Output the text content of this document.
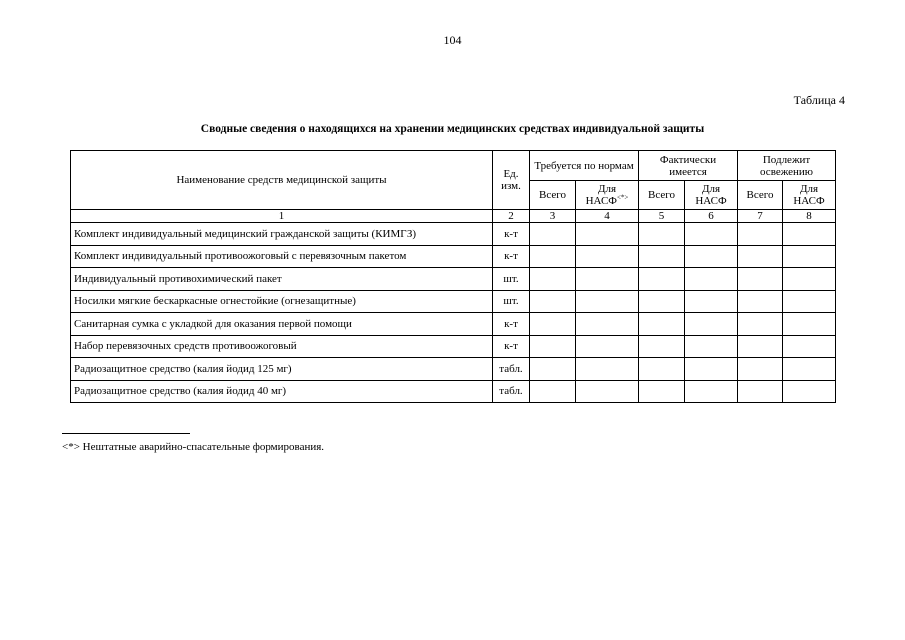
104
Таблица 4
Сводные сведения о находящихся на хранении медицинских средствах индивидуальной защиты
Наименование средств медицинской защиты	Ед. изм.	Требуется по нормам		Фактически имеется		Подлежит освежению	
		Всего	Для НАСФ<*>	Всего	Для НАСФ	Всего	Для НАСФ
1	2	3	4	5	6	7	8
Комплект индивидуальный медицинский гражданской защиты (КИМГЗ)	к-т						
Комплект индивидуальный противоожоговый с перевязочным пакетом	к-т						
Индивидуальный противохимический пакет	шт.						
Носилки мягкие бескаркасные огнестойкие (огнезащитные)	шт.						
Санитарная сумка с укладкой для оказания первой помощи	к-т						
Набор перевязочных средств противоожоговый	к-т						
Радиозащитное средство (калия йодид 125 мг)	табл.						
Радиозащитное средство (калия йодид 40 мг)	табл.						
<*> Нештатные аварийно-спасательные формирования.
